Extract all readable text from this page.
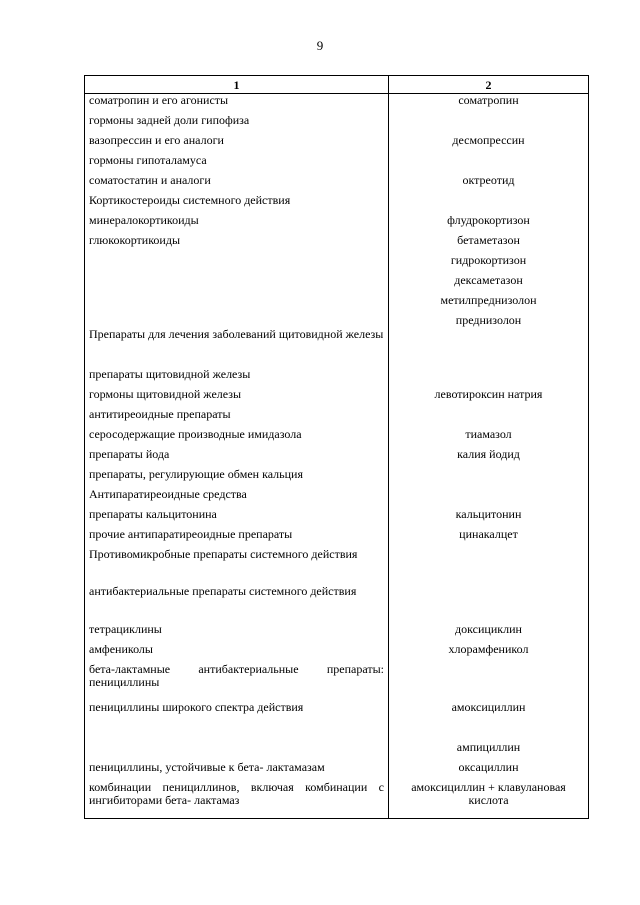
9
1	2
соматропин и его агонисты	соматропин
гормоны задней доли гипофиза	
вазопрессин и его аналоги	десмопрессин
гормоны гипоталамуса	
соматостатин и аналоги	октреотид
Кортикостероиды системного действия	
минералокортикоиды	флудрокортизон
глюкокортикоиды	бетаметазон
	гидрокортизон
	дексаметазон
	метилпреднизолон
	преднизолон
Препараты для лечения заболеваний щитовидной железы	
препараты щитовидной железы	
гормоны щитовидной железы	левотироксин натрия
антитиреоидные препараты	
серосодержащие производные имидазола	тиамазол
препараты йода	калия йодид
препараты, регулирующие обмен кальция	
Антипаратиреоидные средства	
препараты кальцитонина	кальцитонин
прочие антипаратиреоидные препараты	цинакалцет
Противомикробные препараты системного действия	
антибактериальные препараты системного действия	
тетрациклины	доксициклин
амфениколы	хлорамфеникол
бета-лактамные антибактериальные препараты: пенициллины	
пенициллины широкого спектра действия	амоксициллин
	ампициллин
пенициллины, устойчивые к бета- лактамазам	оксациллин
комбинации пенициллинов, включая комбинации с ингибиторами бета- лактамаз	амоксициллин + клавулановая кислота
